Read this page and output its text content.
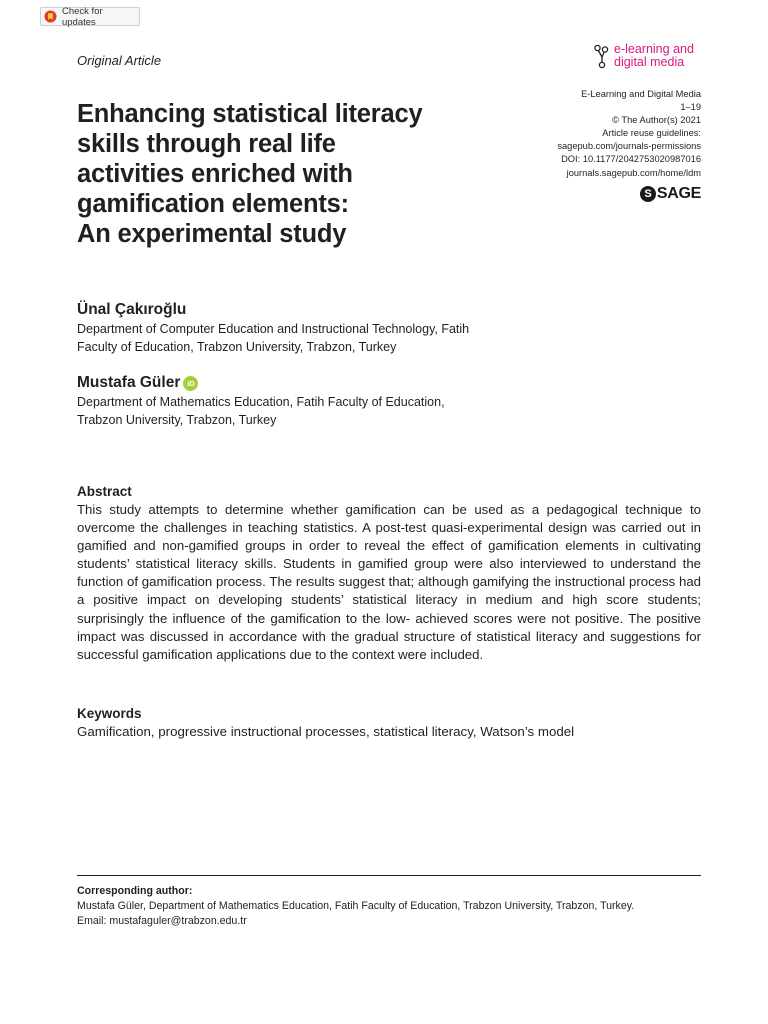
Check for updates
Original Article
e-learning and
digital media
E-Learning and Digital Media
1–19
© The Author(s) 2021
Article reuse guidelines:
sagepub.com/journals-permissions
DOI: 10.1177/2042753020987016
journals.sagepub.com/home/ldm
S SAGE
Enhancing statistical literacy
skills through real life
activities enriched with
gamification elements:
An experimental study
Ünal Çakıroğlu
Department of Computer Education and Instructional Technology, Fatih
Faculty of Education, Trabzon University, Trabzon, Turkey
Mustafa Güler iD
Department of Mathematics Education, Fatih Faculty of Education,
Trabzon University, Trabzon, Turkey
Abstract
This study attempts to determine whether gamification can be used as a pedagogical technique to overcome the challenges in teaching statistics. A post-test quasi-experimental design was carried out in gamified and non-gamified groups in order to reveal the effect of gamification elements in cultivating students’ statistical literacy skills. Students in gamified group were also interviewed to understand the function of gamification process. The results suggest that; although gamifying the instructional process had a positive impact on developing students’ statistical literacy in medium and high score students; surprisingly the influence of the gamification to the low- achieved scores were not positive. The positive impact was discussed in accordance with the gradual structure of statistical literacy and suggestions for successful gamification applications due to the context were included.
Keywords
Gamification, progressive instructional processes, statistical literacy, Watson’s model
Corresponding author:
Mustafa Güler, Department of Mathematics Education, Fatih Faculty of Education, Trabzon University, Trabzon, Turkey.
Email: mustafaguler@trabzon.edu.tr
